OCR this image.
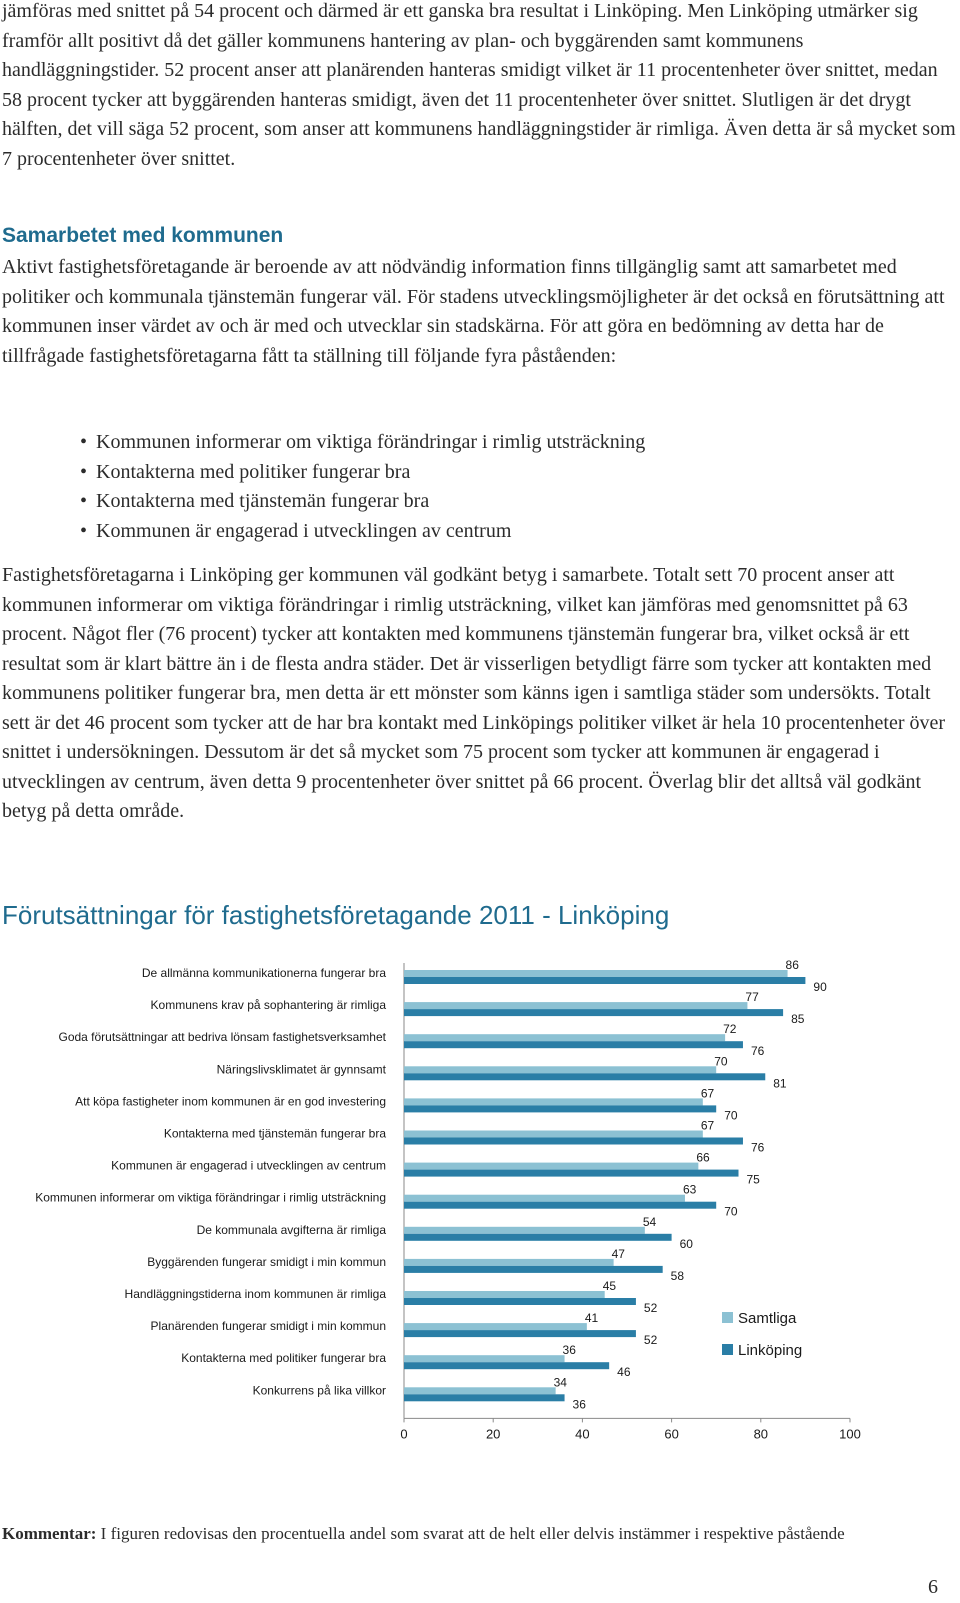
jämföras med snittet på 54 procent och därmed är ett ganska bra resultat i Linköping. Men Linköping utmärker sig framför allt positivt då det gäller kommunens hantering av plan- och byggärenden samt kommunens handläggningstider. 52 procent anser att planärenden hanteras smidigt vilket är 11 procentenheter över snittet, medan 58 procent tycker att byggärenden hanteras smidigt, även det 11 procentenheter över snittet. Slutligen är det drygt hälften, det vill säga 52 procent, som anser att kommunens handläggningstider är rimliga. Även detta är så mycket som 7 procentenheter över snittet.

Samarbetet med kommunen

Aktivt fastighetsföretagande är beroende av att nödvändig information finns tillgänglig samt att samarbetet med politiker och kommunala tjänstemän fungerar väl. För stadens utvecklingsmöjligheter är det också en förutsättning att kommunen inser värdet av och är med och utvecklar sin stadskärna. För att göra en bedömning av detta har de tillfrågade fastighetsföretagarna fått ta ställning till följande fyra påståenden:

• Kommunen informerar om viktiga förändringar i rimlig utsträckning
• Kontakterna med politiker fungerar bra
• Kontakterna med tjänstemän fungerar bra
• Kommunen är engagerad i utvecklingen av centrum

Fastighetsföretagarna i Linköping ger kommunen väl godkänt betyg i samarbete. Totalt sett 70 procent anser att kommunen informerar om viktiga förändringar i rimlig utsträckning, vilket kan jämföras med genomsnittet på 63 procent. Något fler (76 procent) tycker att kontakten med kommunens tjänstemän fungerar bra, vilket också är ett resultat som är klart bättre än i de flesta andra städer. Det är visserligen betydligt färre som tycker att kontakten med kommunens politiker fungerar bra, men detta är ett mönster som känns igen i samtliga städer som undersökts. Totalt sett är det 46 procent som tycker att de har bra kontakt med Linköpings politiker vilket är hela 10 procentenheter över snittet i undersökningen. Dessutom är det så mycket som 75 procent som tycker att kommunen är engagerad i utvecklingen av centrum, även detta 9 procentenheter över snittet på 66 procent. Överlag blir det alltså väl godkänt betyg på detta område.

Förutsättningar för fastighetsföretagande 2011 - Linköping
De allmänna kommunikationerna fungerar bra
86
90
Kommunens krav på sophantering är rimliga
77
85
Goda förutsättningar att bedriva lönsam fastighetsverksamhet
72
76
Näringslivsklimatet är gynnsamt
70
81
Att köpa fastigheter inom kommunen är en god investering
67
70
Kontakterna med tjänstemän fungerar bra
67
76
Kommunen är engagerad i utvecklingen av centrum
66
75
Kommunen informerar om viktiga förändringar i rimlig utsträckning
63
70
De kommunala avgifterna är rimliga
54
60
Byggärenden fungerar smidigt i min kommun
47
58
Handläggningstiderna inom kommunen är rimliga
45
52
Planärenden fungerar smidigt i min kommun
41
52
Kontakterna med politiker fungerar bra
36
46
Konkurrens på lika villkor
34
36
0	20	40	60	80	100
Samtliga
Linköping

Kommentar: I figuren redovisas den procentuella andel som svarat att de helt eller delvis instämmer i respektive påstående

6
